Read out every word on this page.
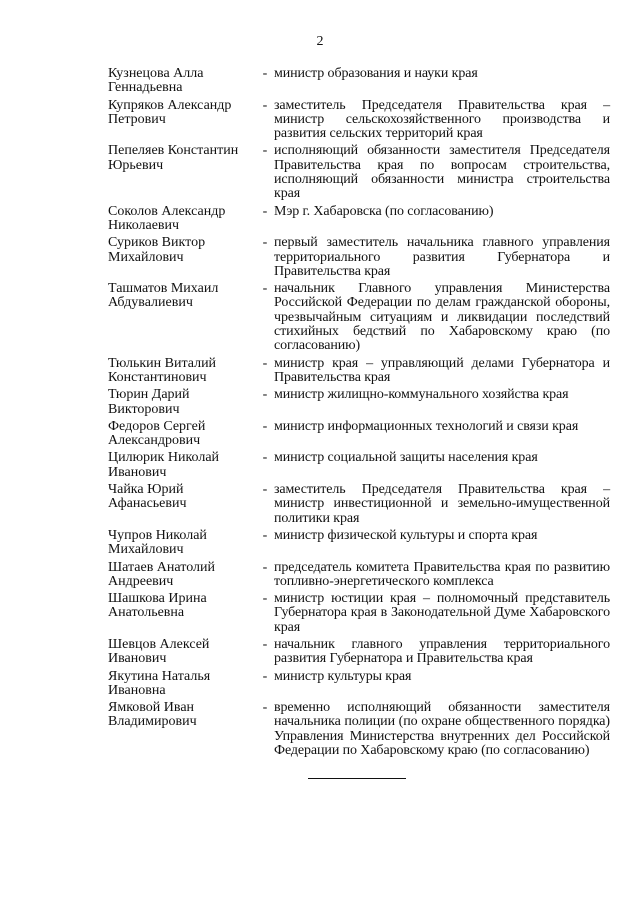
2
Кузнецова Алла
Геннадьевна
- министр образования и науки края
Купряков Александр
Петрович
- заместитель Председателя Правительства края – министр сельскохозяйственного производства и развития сельских территорий края
Пепеляев Константин
Юрьевич
- исполняющий обязанности заместителя Председателя Правительства края по вопросам строительства, исполняющий обязанности министра строительства края
Соколов Александр
Николаевич
- Мэр г. Хабаровска (по согласованию)
Суриков Виктор
Михайлович
- первый заместитель начальника главного управления территориального развития Губернатора и Правительства края
Ташматов Михаил
Абдувалиевич
- начальник Главного управления Министерства Российской Федерации по делам гражданской обороны, чрезвычайным ситуациям и ликвидации последствий стихийных бедствий по Хабаровскому краю (по согласованию)
Тюлькин Виталий
Константинович
- министр края – управляющий делами Губернатора и Правительства края
Тюрин Дарий
Викторович
- министр жилищно-коммунального хозяйства края
Федоров Сергей
Александрович
- министр информационных технологий и связи края
Цилюрик Николай
Иванович
- министр социальной защиты населения края
Чайка Юрий
Афанасьевич
- заместитель Председателя Правительства края – министр инвестиционной и земельно-имущественной политики края
Чупров Николай
Михайлович
- министр физической культуры и спорта края
Шатаев Анатолий
Андреевич
- председатель комитета Правительства края по развитию топливно-энергетического комплекса
Шашкова Ирина
Анатольевна
- министр юстиции края – полномочный представитель Губернатора края в Законодательной Думе Хабаровского края
Шевцов Алексей
Иванович
- начальник главного управления территориального развития Губернатора и Правительства края
Якутина Наталья
Ивановна
- министр культуры края
Ямковой Иван
Владимирович
- временно исполняющий обязанности заместителя начальника полиции (по охране общественного порядка) Управления Министерства внутренних дел Российской Федерации по Хабаровскому краю (по согласованию)
